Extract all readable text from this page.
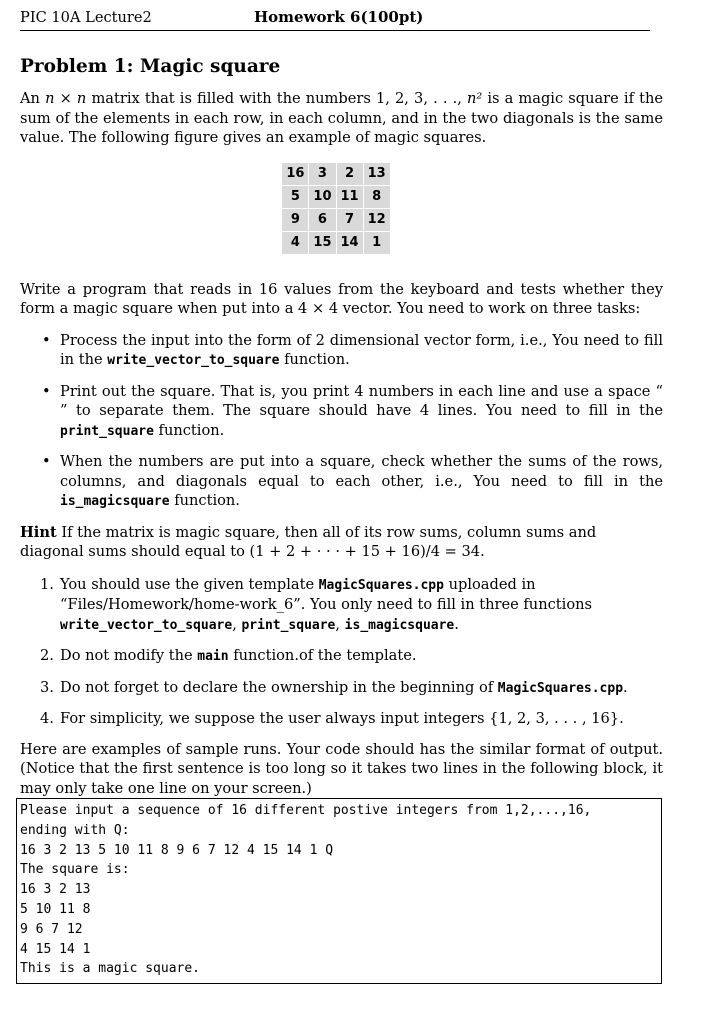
PIC 10A Lecture2	Homework 6(100pt)
Problem 1: Magic square

An n × n matrix that is filled with the numbers 1, 2, 3, . . ., n² is a magic square if the sum of the elements in each row, in each column, and in the two diagonals is the same value. The following figure gives an example of magic squares.

16	3	2	13
5	10	11	8
9	6	7	12
4	15	14	1

Write a program that reads in 16 values from the keyboard and tests whether they form a magic square when put into a 4 × 4 vector. You need to work on three tasks:

• Process the input into the form of 2 dimensional vector form, i.e., You need to fill in the write_vector_to_square function.
• Print out the square. That is, you print 4 numbers in each line and use a space “ ” to separate them. The square should have 4 lines. You need to fill in the print_square function.
• When the numbers are put into a square, check whether the sums of the rows, columns, and diagonals equal to each other, i.e., You need to fill in the is_magicsquare function.

Hint If the matrix is magic square, then all of its row sums, column sums and diagonal sums should equal to (1 + 2 + · · · + 15 + 16)/4 = 34.

1. You should use the given template MagicSquares.cpp uploaded in “Files/Homework/home-work_6”. You only need to fill in three functions write_vector_to_square, print_square, is_magicsquare.
2. Do not modify the main function.of the template.
3. Do not forget to declare the ownership in the beginning of MagicSquares.cpp.
4. For simplicity, we suppose the user always input integers {1, 2, 3, . . . , 16}.

Here are examples of sample runs. Your code should has the similar format of output. (Notice that the first sentence is too long so it takes two lines in the following block, it may only take one line on your screen.)

Please input a sequence of 16 different postive integers from 1,2,...,16,
ending with Q:
16 3 2 13 5 10 11 8 9 6 7 12 4 15 14 1 Q
The square is:
16 3 2 13
5 10 11 8
9 6 7 12
4 15 14 1
This is a magic square.
